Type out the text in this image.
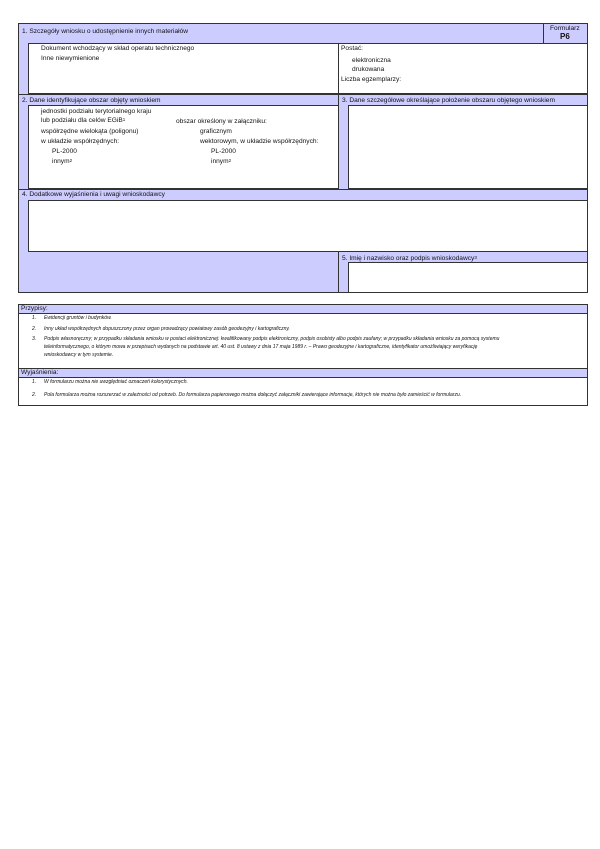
1. Szczegóły wniosku o udostępnienie innych materiałów	Formularz
P6
Dokument wchodzący w skład operatu technicznego
Inne niewymienione
Postać:
elektroniczna
drukowana
Liczba egzemplarzy:
2. Dane identyfikujące obszar objęty wnioskiem	3. Dane szczegółowe określające położenie obszaru objętego wnioskiem
jednostki podziału terytorialnego kraju
lub podziału dla celów EGiB$^1$
współrzędne wielokąta (poligonu)
w układzie współrzędnych:
PL-2000
innym$^2$
obszar określony w załączniku:
graficznym
wektorowym, w układzie współrzędnych:
PL-2000
innym$^2$
4. Dodatkowe wyjaśnienia i uwagi wnioskodawcy
5. Imię i nazwisko oraz podpis wnioskodawcy$^3$
Przypisy:
1. Ewidencji gruntów i budynków.
2. Inny układ współrzędnych dopuszczony przez organ prowadzący powiatowy zasób geodezyjny i kartograficzny.
3. Podpis własnoręczny; w przypadku składania wniosku w postaci elektronicznej: kwalifikowany podpis elektroniczny, podpis osobisty albo podpis zaufany; w przypadku składania wniosku za pomocą systemu
teleinformatycznego, o którym mowa w przepisach wydanych na podstawie art. 40 ust. 8 ustawy z dnia 17 maja 1989 r. – Prawo geodezyjne i kartograficzne, identyfikator umożliwiający weryfikację
wnioskodawcy w tym systemie.
Wyjaśnienia:
1. W formularzu można nie uwzględniać oznaczeń kolorystycznych.
2. Pola formularza można rozszerzać w zależności od potrzeb. Do formularza papierowego można dołączyć załączniki zawierające informacje, których nie można było zamieścić w formularzu.
